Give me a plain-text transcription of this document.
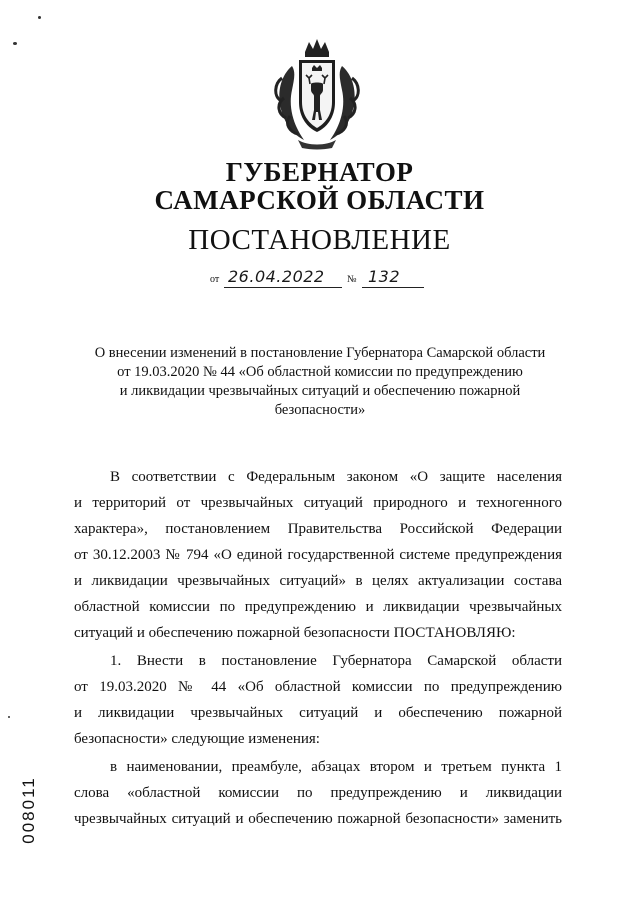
ГУБЕРНАТОР
САМАРСКОЙ ОБЛАСТИ
ПОСТАНОВЛЕНИЕ
от 26.04.2022 № 132
О внесении изменений в постановление Губернатора Самарской области
от 19.03.2020 № 44 «Об областной комиссии по предупреждению
и ликвидации чрезвычайных ситуаций и обеспечению пожарной
безопасности»
В соответствии с Федеральным законом «О защите населения
и территорий от чрезвычайных ситуаций природного и техногенного
характера», постановлением Правительства Российской Федерации
от 30.12.2003 № 794 «О единой государственной системе предупреждения
и ликвидации чрезвычайных ситуаций» в целях актуализации состава
областной комиссии по предупреждению и ликвидации чрезвычайных
ситуаций и обеспечению пожарной безопасности ПОСТАНОВЛЯЮ:
1. Внести в постановление Губернатора Самарской области
от 19.03.2020 № 44 «Об областной комиссии по предупреждению
и ликвидации чрезвычайных ситуаций и обеспечению пожарной
безопасности» следующие изменения:
в наименовании, преамбуле, абзацах втором и третьем пункта 1
слова «областной комиссии по предупреждению и ликвидации
чрезвычайных ситуаций и обеспечению пожарной безопасности» заменить
008011
